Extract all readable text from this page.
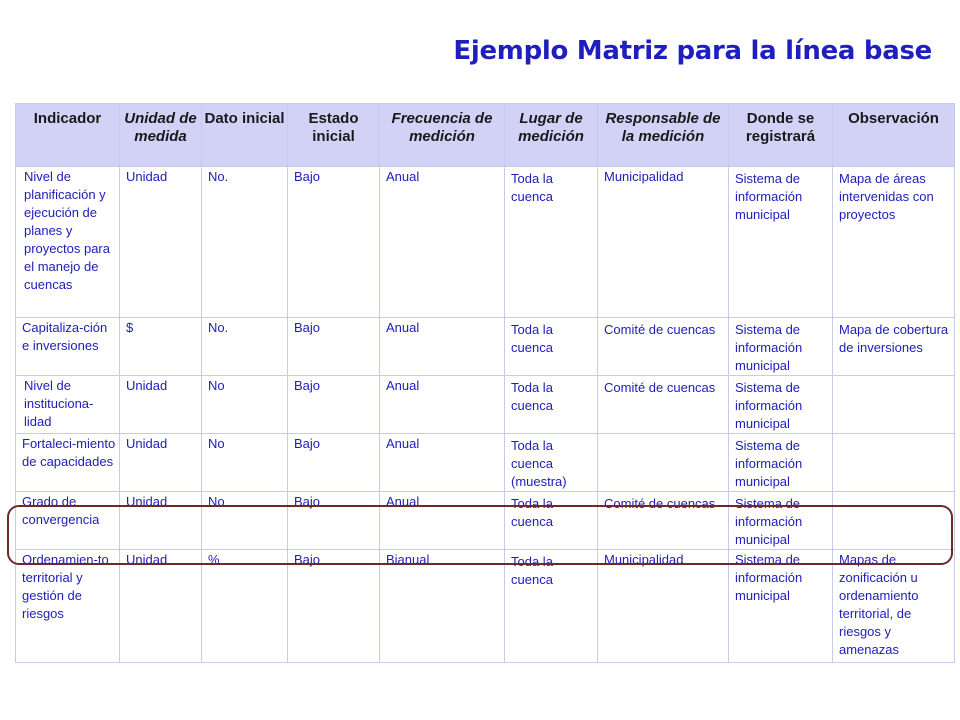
Ejemplo Matriz para la línea base
Indicador	Unidad de medida	Dato inicial	Estado inicial	Frecuencia de medición	Lugar de medición	Responsable de la medición	Donde se registrará	Observación
Nivel de planificación y ejecución de planes y proyectos para el manejo de cuencas	Unidad	No.	Bajo	Anual	Toda la cuenca	Municipalidad	Sistema de información municipal	Mapa de áreas intervenidas con proyectos
Capitaliza-ción e inversiones	$	No.	Bajo	Anual	Toda la cuenca	Comité de cuencas	Sistema de información municipal	Mapa de cobertura de inversiones
Nivel de instituciona-lidad	Unidad	No	Bajo	Anual	Toda la cuenca	Comité de cuencas	Sistema de información municipal	
Fortaleci-miento de capacidades	Unidad	No	Bajo	Anual	Toda la cuenca (muestra)		Sistema de información municipal	
Grado de convergencia	Unidad	No	Bajo	Anual	Toda la cuenca	Comité de cuencas	Sistema de información municipal	
Ordenamien-to territorial y gestión de riesgos	Unidad	%	Bajo	Bianual	Toda la cuenca	Municipalidad	Sistema de información municipal	Mapas de zonificación u ordenamiento territorial, de riesgos y amenazas
